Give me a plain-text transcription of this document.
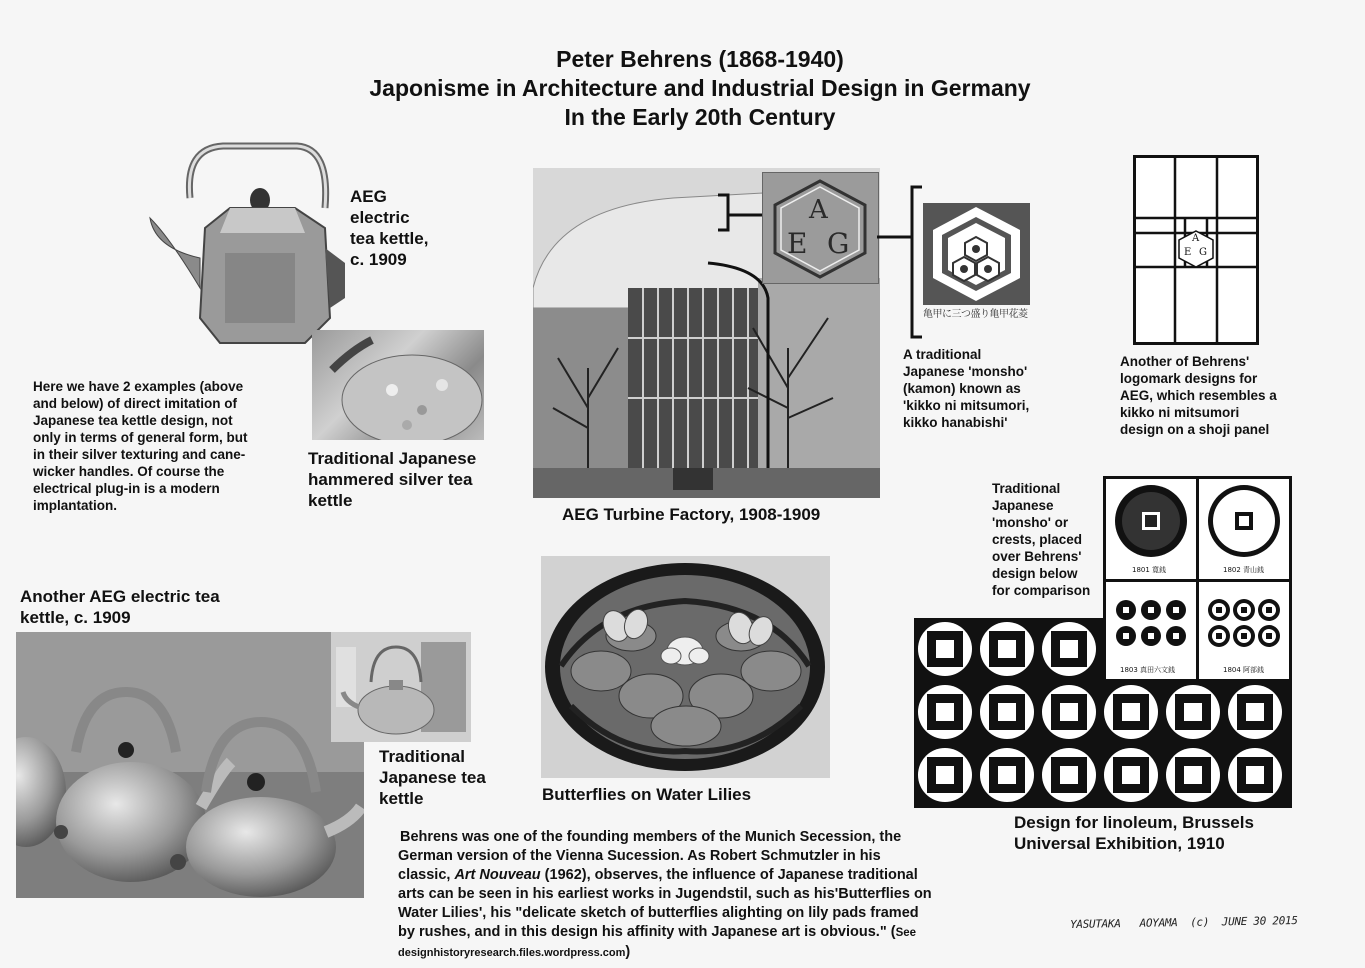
Peter Behrens (1868-1940)
Japonisme in Architecture and Industrial Design in Germany
In the Early 20th Century
AEG
electric
tea kettle,
c. 1909
Traditional Japanese
hammered silver tea
kettle
Here we have 2 examples (above
and below) of direct imitation of
Japanese tea kettle design, not
only in terms of general form, but
in their silver texturing and cane-
wicker handles. Of course the
electrical plug-in is a modern
implantation.
A
E G
AEG Turbine Factory, 1908-1909
亀甲に三つ盛り亀甲花菱
A traditional
Japanese 'monsho'
(kamon) known as
'kikko ni mitsumori,
kikko hanabishi'
A
E G
Another of Behrens'
logomark designs for
AEG, which resembles a
kikko ni mitsumori
design on a shoji panel
Traditional
Japanese
'monsho' or
crests, placed
over Behrens'
design below
for comparison
1801 寛銭	1802 青山銭
1803 真田六文銭	1804 阿部銭
Design for linoleum, Brussels
Universal Exhibition, 1910
Another AEG electric tea
kettle, c. 1909
Traditional
Japanese tea
kettle	Butterflies on Water Lilies
Behrens was one of the founding members of the Munich Secession, the
German version of the Vienna Sucession. As Robert Schmutzler in his
classic, Art Nouveau (1962), observes, the influence of Japanese traditional
arts can be seen in his earliest works in Jugendstil, such as his'Butterflies on
Water Lilies', his "delicate sketch of butterflies alighting on lily pads framed
by rushes, and in this design his affinity with Japanese art is obvious." (See
designhistoryresearch.files.wordpress.com)
YASUTAKA   AOYAMA  (c)  JUNE 30 2015
